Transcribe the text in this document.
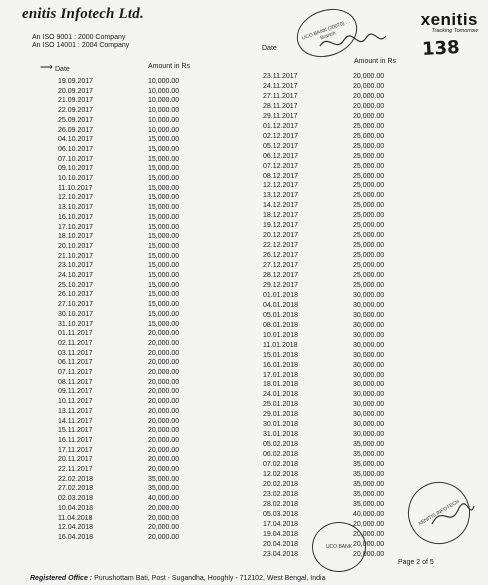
enitis Infotech Ltd.
An ISO 9001 : 2000 Company
An ISO 14001 : 2004 Company
xenitis
Tracking Tomorrow
138
UCO BANK (20070) ... Branch
⟶ Date	Amount in Rs
Date
Amount in Rs
19.09.2017	10,000.00
20.09.2017	10,000.00
21.09.2017	10,000.00
22.09.2017	10,000.00
25.09.2017	10,000.00
26.09.2017	10,000.00
04.10.2017	15,000.00
06.10.2017	15,000.00
07.10.2017	15,000.00
09.10.2017	15,000.00
10.10.2017	15,000.00
11.10.2017	15,000.00
12.10.2017	15,000.00
13.10.2017	15,000.00
16.10.2017	15,000.00
17.10.2017	15,000.00
18.10.2017	15,000.00
20.10.2017	15,000.00
21.10.2017	15,000.00
23.10.2017	15,000.00
24.10.2017	15,000.00
25.10.2017	15,000.00
26.10.2017	15,000.00
27.10.2017	15,000.00
30.10.2017	15,000.00
31.10.2017	15,000.00
01.11.2017	20,000.00
02.11.2017	20,000.00
03.11.2017	20,000.00
06.11.2017	20,000.00
07.11.2017	20,000.00
08.11.2017	20,000.00
09.11.2017	20,000.00
10.11.2017	20,000.00
13.11.2017	20,000.00
14.11.2017	20,000.00
15.11.2017	20,000.00
16.11.2017	20,000.00
17.11.2017	20,000.00
20.11.2017	20,000.00
22.11.2017	20,000.00
22.02.2018	35,000.00
27.02.2018	35,000.00
02.03.2018	40,000.00
10.04.2018	20,000.00
11.04.2018	20,000.00
12.04.2018	20,000.00
16.04.2018	20,000.00
23.11.2017	20,000.00
24.11.2017	20,000.00
27.11.2017	20,000.00
28.11.2017	20,000.00
29.11.2017	20,000.00
01.12.2017	25,000.00
02.12.2017	25,000.00
05.12.2017	25,000.00
06.12.2017	25,000.00
07.12.2017	25,000.00
08.12.2017	25,000.00
12.12.2017	25,000.00
13.12.2017	25,000.00
14.12.2017	25,000.00
18.12.2017	25,000.00
19.12.2017	25,000.00
20.12.2017	25,000.00
22.12.2017	25,000.00
26.12.2017	25,000.00
27.12.2017	25,000.00
28.12.2017	25,000.00
29.12.2017	25,000.00
01.01.2018	30,000.00
04.01.2018	30,000.00
05.01.2018	30,000.00
08.01.2018	30,000.00
10.01.2018	30,000.00
11.01.2018	30,000.00
15.01.2018	30,000.00
16.01.2018	30,000.00
17.01.2018	30,000.00
18.01.2018	30,000.00
24.01.2018	30,000.00
25.01.2018	30,000.00
29.01.2018	30,000.00
30.01.2018	30,000.00
31.01.2018	30,000.00
05.02.2018	35,000.00
06.02.2018	35,000.00
07.02.2018	35,000.00
12.02.2018	35,000.00
20.02.2018	35,000.00
23.02.2018	35,000.00
28.02.2018	35,000.00
05.03.2018	40,000.00
17.04.2018	20,000.00
19.04.2018	20,000.00
20.04.2018	20,000.00
23.04.2018	20,000.00
XENITIS INFOTECH
UCO BANK
Page 2 of 5
Registered Office : Purushottam Bati, Post - Sugandha, Hooghly - 712102, West Bengal, India
